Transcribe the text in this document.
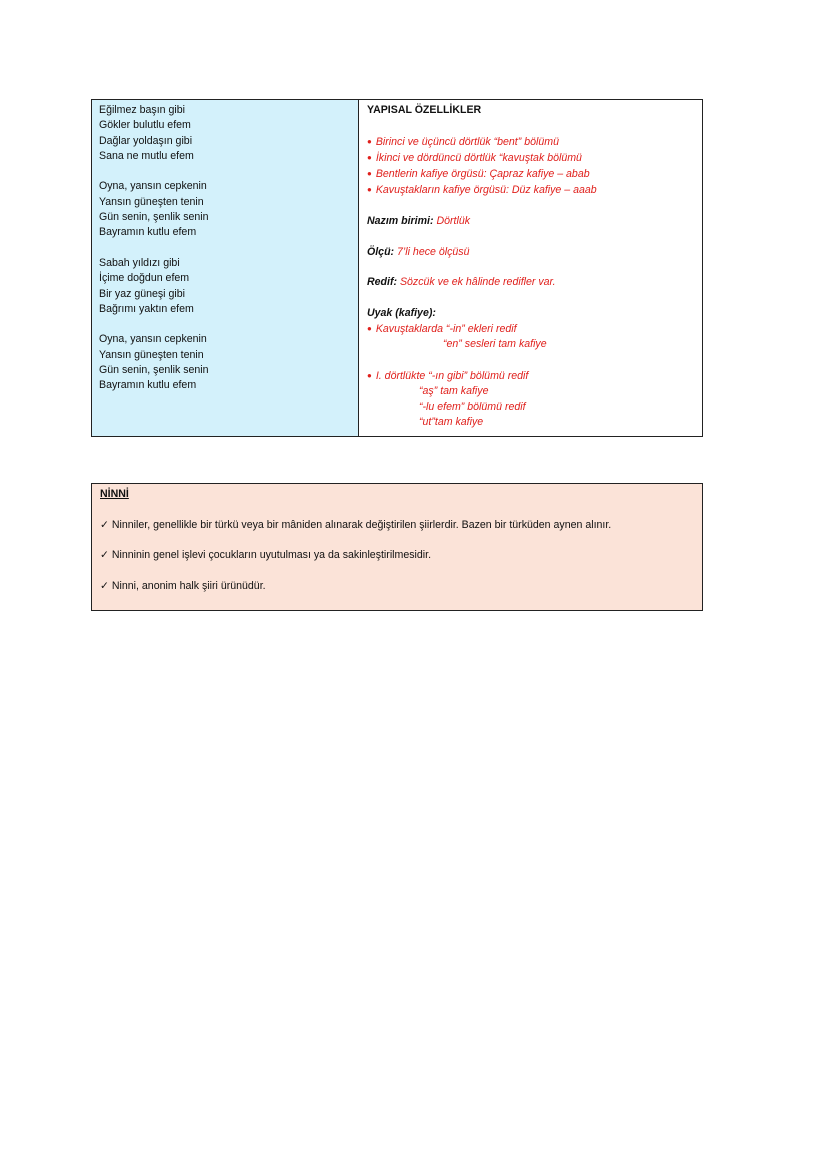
Eğilmez başın gibi
Gökler bulutlu efem
Dağlar yoldaşın gibi
Sana ne mutlu efem
Oyna, yansın cepkenin
Yansın güneşten tenin
Gün senin, şenlik senin
Bayramın kutlu efem
Sabah yıldızı gibi
İçime doğdun efem
Bir yaz güneşi gibi
Bağrımı yaktın efem
Oyna, yansın cepkenin
Yansın güneşten tenin
Gün senin, şenlik senin
Bayramın kutlu efem
YAPISAL ÖZELLİKLER
● Birinci ve üçüncü dörtlük “bent” bölümü
● İkinci ve dördüncü dörtlük “kavuştak bölümü
● Bentlerin kafiye örgüsü: Çapraz kafiye – abab
● Kavuştakların kafiye örgüsü: Düz kafiye – aaab
Nazım birimi: Dörtlük
Ölçü: 7’li hece ölçüsü
Redif: Sözcük ve ek hâlinde redifler var.
Uyak (kafiye):
● Kavuştaklarda “-in” ekleri redif
“en” sesleri tam kafiye
● I. dörtlükte “-ın gibi” bölümü redif
“aş” tam kafiye
“-lu efem” bölümü redif
“ut”tam kafiye
NİNNİ
✓ Ninniler, genellikle bir türkü veya bir mâniden alınarak değiştirilen şiirlerdir. Bazen bir türküden aynen alınır.
✓ Ninninin genel işlevi çocukların uyutulması ya da sakinleştirilmesidir.
✓ Ninni, anonim halk şiiri ürünüdür.
